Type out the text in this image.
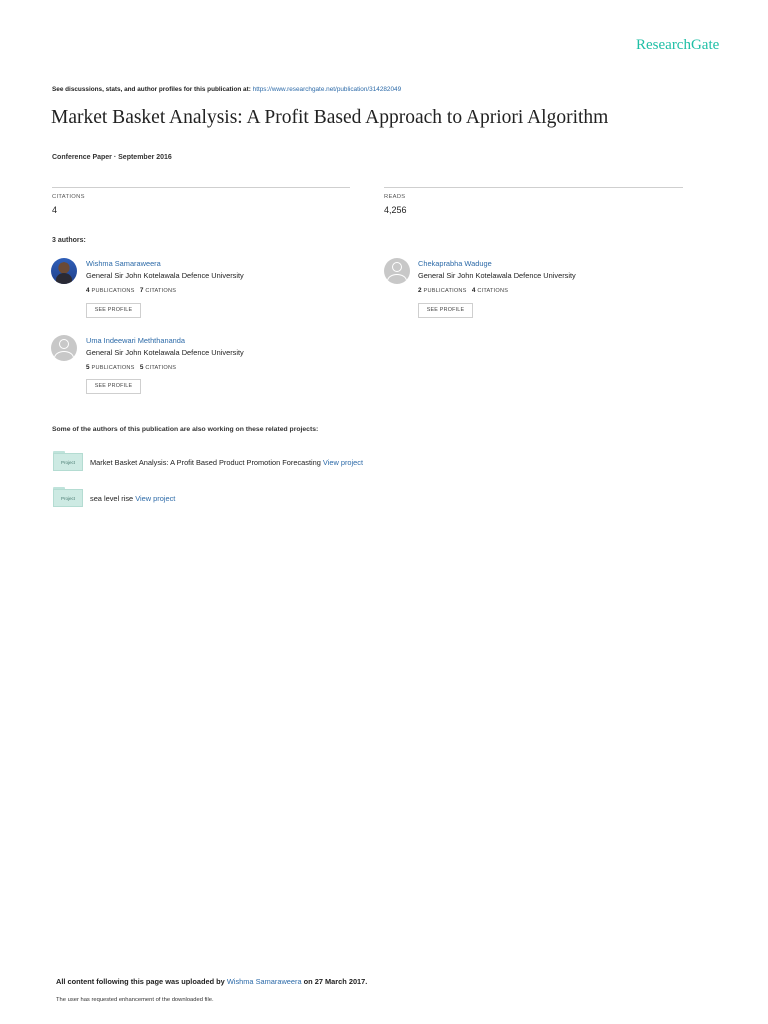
ResearchGate
See discussions, stats, and author profiles for this publication at: https://www.researchgate.net/publication/314282049
Market Basket Analysis: A Profit Based Approach to Apriori Algorithm
Conference Paper · September 2016
CITATIONS
4
READS
4,256
3 authors:
Wishma Samaraweera
General Sir John Kotelawala Defence University
4 PUBLICATIONS 7 CITATIONS
SEE PROFILE
Chekaprabha Waduge
General Sir John Kotelawala Defence University
2 PUBLICATIONS 4 CITATIONS
SEE PROFILE
Uma Indeewari Meththananda
General Sir John Kotelawala Defence University
5 PUBLICATIONS 5 CITATIONS
SEE PROFILE
Some of the authors of this publication are also working on these related projects:
Project	Market Basket Analysis: A Profit Based Product Promotion Forecasting View project
Project	sea level rise View project
All content following this page was uploaded by Wishma Samaraweera on 27 March 2017.
The user has requested enhancement of the downloaded file.
